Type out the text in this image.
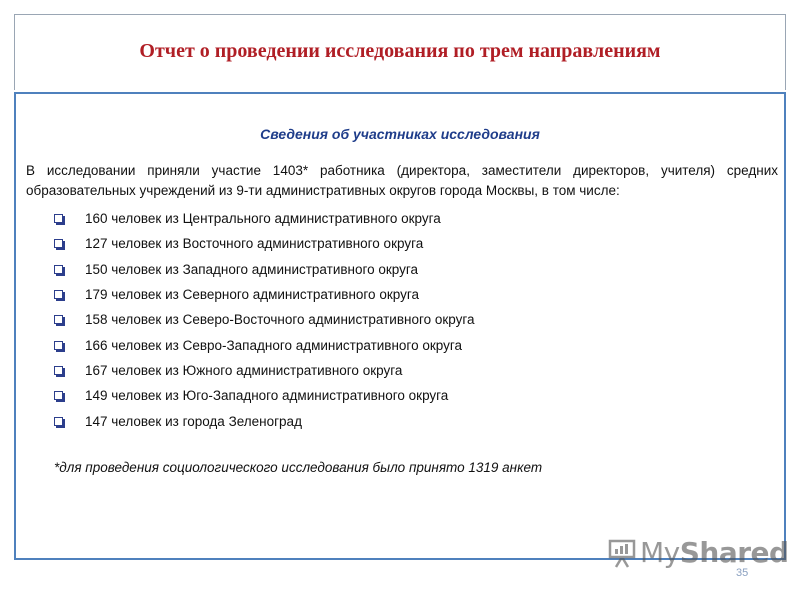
Отчет о проведении исследования по трем направлениям
Сведения об участниках исследования
В исследовании приняли участие 1403* работника (директора, заместители директоров, учителя) средних образовательных учреждений из 9-ти административных округов города Москвы, в том числе:
160 человек из Центрального административного округа
127 человек из Восточного административного округа
150 человек из Западного административного округа
179 человек из Северного административного округа
158 человек из Северо-Восточного административного округа
166 человек из Севро-Западного административного округа
167 человек из Южного административного округа
149 человек из Юго-Западного административного округа
147 человек из города Зеленоград
*для проведения социологического исследования было принято 1319 анкет
MyShared
35
